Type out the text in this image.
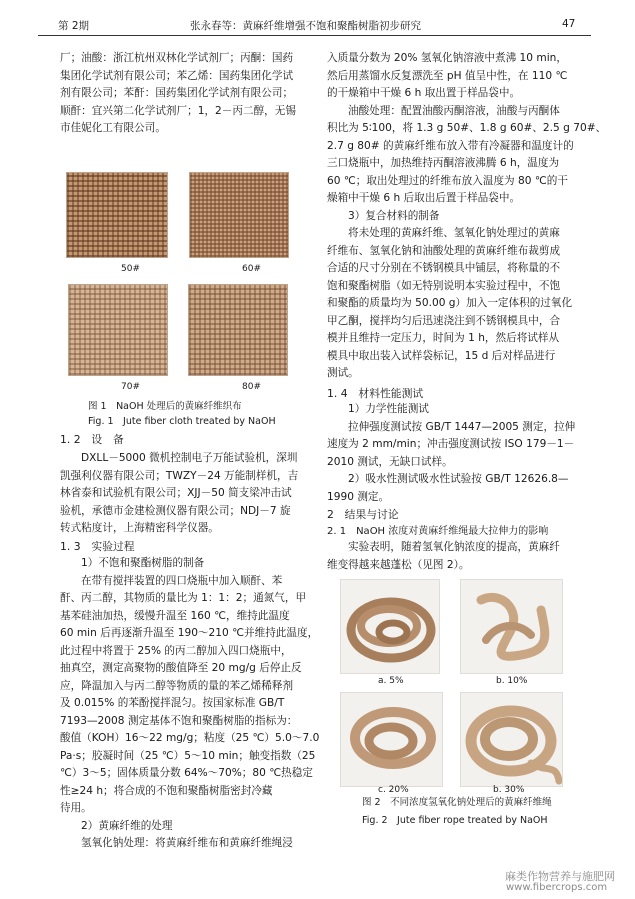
第 2期	张永春等：黄麻纤维增强不饱和聚酯树脂初步研究	47
厂；油酸：浙江杭州双林化学试剂厂；丙酮：国药
集团化学试剂有限公司；苯乙烯：国药集团化学试
剂有限公司；苯酐：国药集团化学试剂有限公司；
顺酐：宜兴第二化学试剂厂；1，2－丙二醇，无锡
市佳妮化工有限公司。
50#	60#
70#	80#
图 1　NaOH 处理后的黄麻纤维织布
Fig. 1　Jute fiber cloth treated by NaOH
1. 2　设　备
DXLL－5000 微机控制电子万能试验机，深圳
凯强利仪器有限公司；TWZY－24 万能制样机，吉
林省泰和试验机有限公司；XJJ－50 简支梁冲击试
验机，承德市金建检测仪器有限公司；NDJ－7 旋
转式粘度计，上海精密科学仪器。
1. 3　实验过程
1）不饱和聚酯树脂的制备
在带有搅拌装置的四口烧瓶中加入顺酐、苯
酐、丙二醇，其物质的量比为 1：1：2；通氮气，甲
基苯硅油加热，缓慢升温至 160 ℃，维持此温度
60 min 后再逐渐升温至 190～210 ℃并维持此温度，
此过程中将置于 25% 的丙二醇加入四口烧瓶中，
抽真空，测定高聚物的酸值降至 20 mg/g 后停止反
应，降温加入与丙二醇等物质的量的苯乙烯稀释剂
及 0.015% 的苯酚搅拌混匀。按国家标准 GB/T
7193—2008 测定基体不饱和聚酯树脂的指标为：
酸值（KOH）16～22 mg/g；粘度（25 ℃）5.0～7.0
Pa·s；胶凝时间（25 ℃）5～10 min；触变指数（25
℃）3～5；固体质量分数 64%～70%；80 ℃热稳定
性≥24 h；将合成的不饱和聚酯树脂密封冷藏
待用。
2）黄麻纤维的处理
氢氧化钠处理：将黄麻纤维布和黄麻纤维绳浸
入质量分数为 20% 氢氧化钠溶液中煮沸 10 min，
然后用蒸馏水反复漂洗至 pH 值呈中性，在 110 ℃
的干燥箱中干燥 6 h 取出置于样品袋中。
油酸处理：配置油酸丙酮溶液，油酸与丙酮体
积比为 5∶100，将 1.3 g 50#、1.8 g 60#、2.5 g 70#、
2.7 g 80# 的黄麻纤维布放入带有冷凝器和温度计的
三口烧瓶中，加热维持丙酮溶液沸腾 6 h，温度为
60 ℃；取出处理过的纤维布放入温度为 80 ℃的干
燥箱中干燥 6 h 后取出后置于样品袋中。
3）复合材料的制备
将未处理的黄麻纤维、氢氧化钠处理过的黄麻
纤维布、氢氧化钠和油酸处理的黄麻纤维布裁剪成
合适的尺寸分别在不锈钢模具中铺层，将称量的不
饱和聚酯树脂（如无特别说明本实验过程中，不饱
和聚酯的质量均为 50.00 g）加入一定体积的过氧化
甲乙酮，搅拌均匀后迅速浇注到不锈钢模具中，合
模并且维持一定压力，时间为 1 h，然后将试样从
模具中取出装入试样袋标记，15 d 后对样品进行
测试。
1. 4　材料性能测试
1）力学性能测试
拉伸强度测试按 GB/T 1447—2005 测定，拉伸
速度为 2 mm/min；冲击强度测试按 ISO 179－1－
2010 测试，无缺口试样。
2）吸水性测试吸水性试验按 GB/T 12626.8—
1990 测定。
2　结果与讨论
2. 1　NaOH 浓度对黄麻纤维绳最大拉伸力的影响
实验表明，随着氢氧化钠浓度的提高，黄麻纤
维变得越来越蓬松（见图 2）。
a. 5%	b. 10%
c. 20%	b. 30%
图 2　不同浓度氢氧化钠处理后的黄麻纤维绳
Fig. 2　Jute fiber rope treated by NaOH
麻类作物营养与施肥网
www.fibercrops.com
